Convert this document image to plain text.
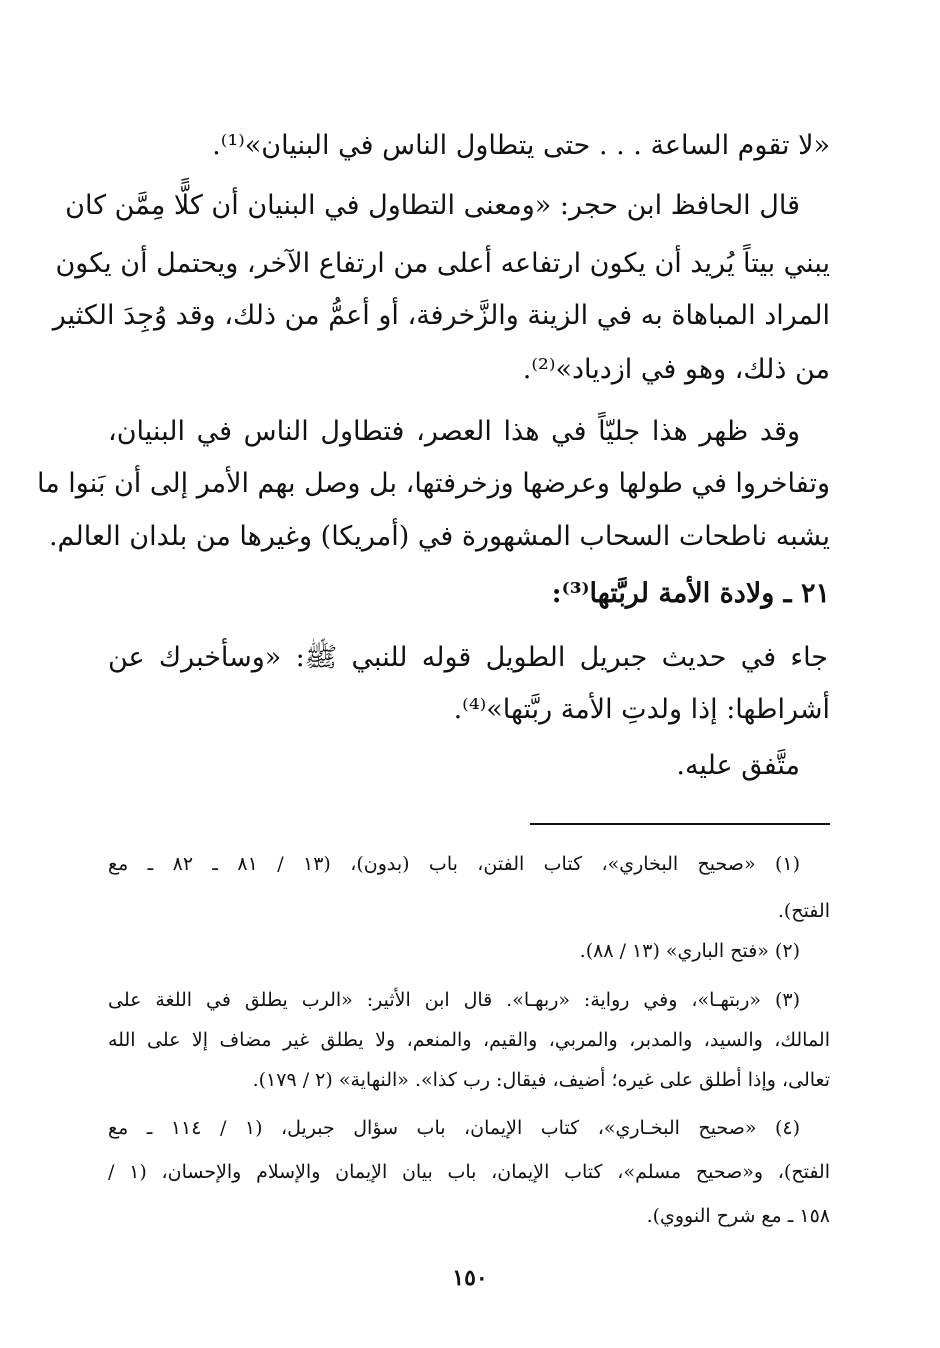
«لا تقوم الساعة . . . حتى يتطاول الناس في البنيان»⁽¹⁾.
قال الحافظ ابن حجر: «ومعنى التطاول في البنيان أن كلًّا مِمَّن كان
يبني بيتاً يُريد أن يكون ارتفاعه أعلى من ارتفاع الآخر، ويحتمل أن يكون
المراد المباهاة به في الزينة والزَّخرفة، أو أعمُّ من ذلك، وقد وُجِدَ الكثير
من ذلك، وهو في ازدياد»⁽²⁾.
وقد ظهر هذا جليّاً في هذا العصر، فتطاول الناس في البنيان،
وتفاخروا في طولها وعرضها وزخرفتها، بل وصل بهم الأمر إلى أن بَنوا ما
يشبه ناطحات السحاب المشهورة في (أمريكا) وغيرها من بلدان العالم.
٢١ ـ ولادة الأمة لربَّتها⁽³⁾:
جاء في حديث جبريل الطويل قوله للنبي ﷺ: «وسأخبرك عن
أشراطها: إذا ولدتِ الأمة ربَّتها»⁽⁴⁾.
متَّفق عليه.
(١) «صحيح البخاري»، كتاب الفتن، باب (بدون)، (١٣ / ٨١ ـ ٨٢ ـ مع
الفتح).
(٢) «فتح الباري» (١٣ / ٨٨).
(٣) «ربتهـا»، وفي رواية: «ربهـا». قال ابن الأثير: «الرب يطلق في اللغة على
المالك، والسيد، والمدبر، والمربي، والقيم، والمنعم، ولا يطلق غير مضاف إلا على الله
تعالى، وإذا أطلق على غيره؛ أضيف، فيقال: رب كذا». «النهاية» (٢ / ١٧٩).
(٤) «صحيح البخـاري»، كتاب الإيمان، باب سؤال جبريل، (١ / ١١٤ ـ مع
الفتح)، و«صحيح مسلم»، كتاب الإيمان، باب بيان الإيمان والإسلام والإحسان، (١ /
١٥٨ ـ مع شرح النووي).
١٥٠
